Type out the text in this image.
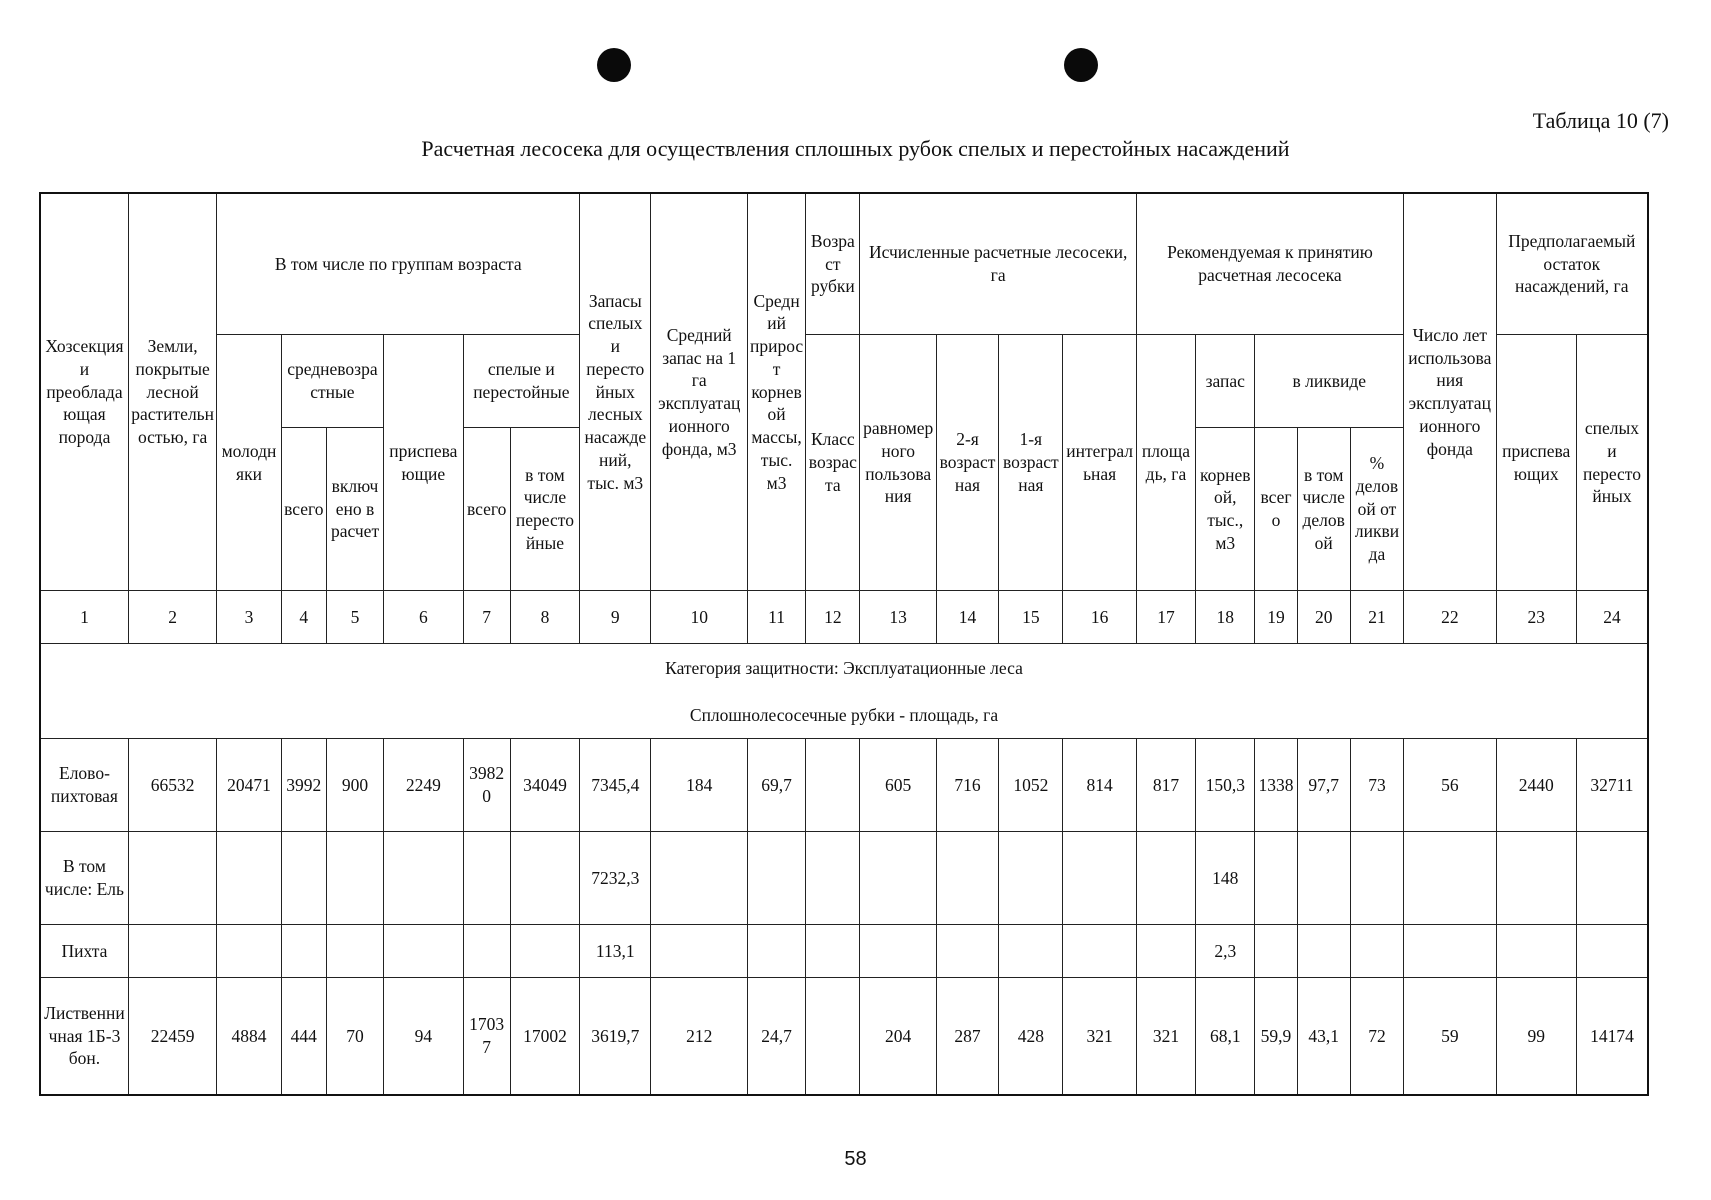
Таблица 10 (7)
Расчетная лесосека для осуществления сплошных рубок спелых и перестойных насаждений
Хозсекция и преобладающая порода	Земли, покрытые лесной растительностью, га	В том числе по группам возраста						Запасы спелых и перестойных лесных насаждений, тыс. м3	Средний запас на 1 га эксплуатационного фонда, м3	Средний прирост корневой массы, тыс. м3	Возраст рубки	Исчисленные расчетные лесосеки, га				Рекомендуемая к принятию расчетная лесосека					Число лет использования эксплуатационного фонда	Предполагаемый остаток насаждений, га	
		молодняки	средневозрастные		приспевающие	спелые и перестойные					Класс возраста	равномерного пользования	2-я возрастная	1-я возрастная	интегральная	площадь, га	запас	в ликвиде				приспевающих	спелых и перестойных
			всего	включено в расчет		всего	в том числе перестойные										корневой, тыс., м3	всего	в том числе деловой	% деловой от ликвида			
1	2	3	4	5	6	7	8	9	10	11	12	13	14	15	16	17	18	19	20	21	22	23	24
Категория защитности: Эксплуатационные леса																							
Сплошнолесосечные рубки - площадь, га																							
Елово-пихтовая	66532	20471	3992	900	2249	39820	34049	7345,4	184	69,7		605	716	1052	814	817	150,3	1338	97,7	73	56	2440	32711
В том числе: Ель								7232,3									148						
Пихта								113,1									2,3						
Лиственничная 1Б-3 бон.	22459	4884	444	70	94	17037	17002	3619,7	212	24,7		204	287	428	321	321	68,1	59,9	43,1	72	59	99	14174
58
